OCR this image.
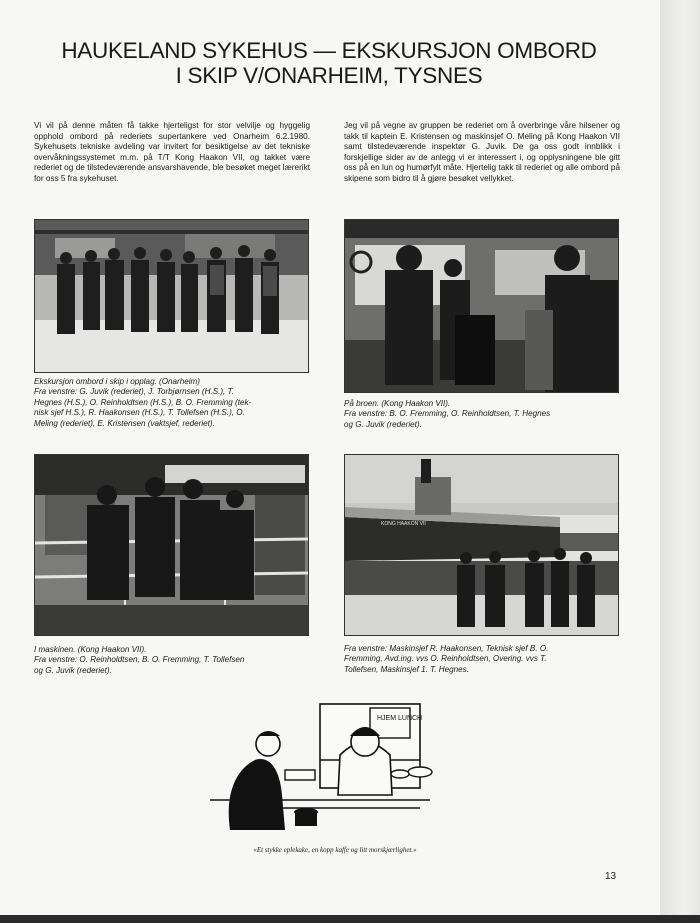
HAUKELAND SYKEHUS — EKSKURSJON OMBORD
I SKIP V/ONARHEIM, TYSNES

Vi vil på denne måten få takke hjerteligst for stor velvilje og hyggelig opphold ombord på rederiets supertankere ved Onarheim 6.2.1980. Sykehusets tekniske avdeling var invitert for besiktigelse av det tekniske overvåkningssystemet m.m. på T/T Kong Haakon VII, og takket være rederiet og de tilstedeværende ansvarshavende, ble besøket meget lærerikt for oss 5 fra sykehuset.

Jeg vil på vegne av gruppen be rederiet om å overbringe våre hilsener og takk til kaptein E. Kristensen og maskinsjef O. Meling på Kong Haakon VII samt tilstedeværende inspektør G. Juvik. De ga oss godt innblikk i forskjellige sider av de anlegg vi er interessert i, og opplysningene ble gitt oss på en lun og humørfylt måte. Hjertelig takk til rederiet og alle ombord på skipene som bidro til å gjøre besøket vellykket.

Ekskursjon ombord i skip i opplag. (Onarheim)
Fra venstre: G. Juvik (rederiet), J. Torbjørnsen (H.S.), T.
Hegnes (H.S.), O. Reinholdtsen (H.S.), B. O. Fremming (tek-
nisk sjef H.S.), R. Haakonsen (H.S.), T. Tollefsen (H.S.), O.
Meling (rederiet), E. Kristensen (vaktsjef, rederiet).

På broen. (Kong Haakon VII).
Fra venstre: B. O. Fremming, O. Reinholdtsen, T. Hegnes
og G. Juvik (rederiet).

I maskinen. (Kong Haakon VII).
Fra venstre: O. Reinholdtsen, B. O. Fremming, T. Tollefsen
og G. Juvik (rederiet).

KONG HAAKON VII

Fra venstre: Maskinsjef R. Haakonsen, Teknisk sjef B. O.
Fremming, Avd.ing. vvs O. Reinholdtsen, Overing. vvs T.
Tollefsen, Maskinsjef 1. T. Hegnes.

HJEM LUNCH

«Et stykke eplekake, en kopp kaffe og litt morskjærlighet.»

13
